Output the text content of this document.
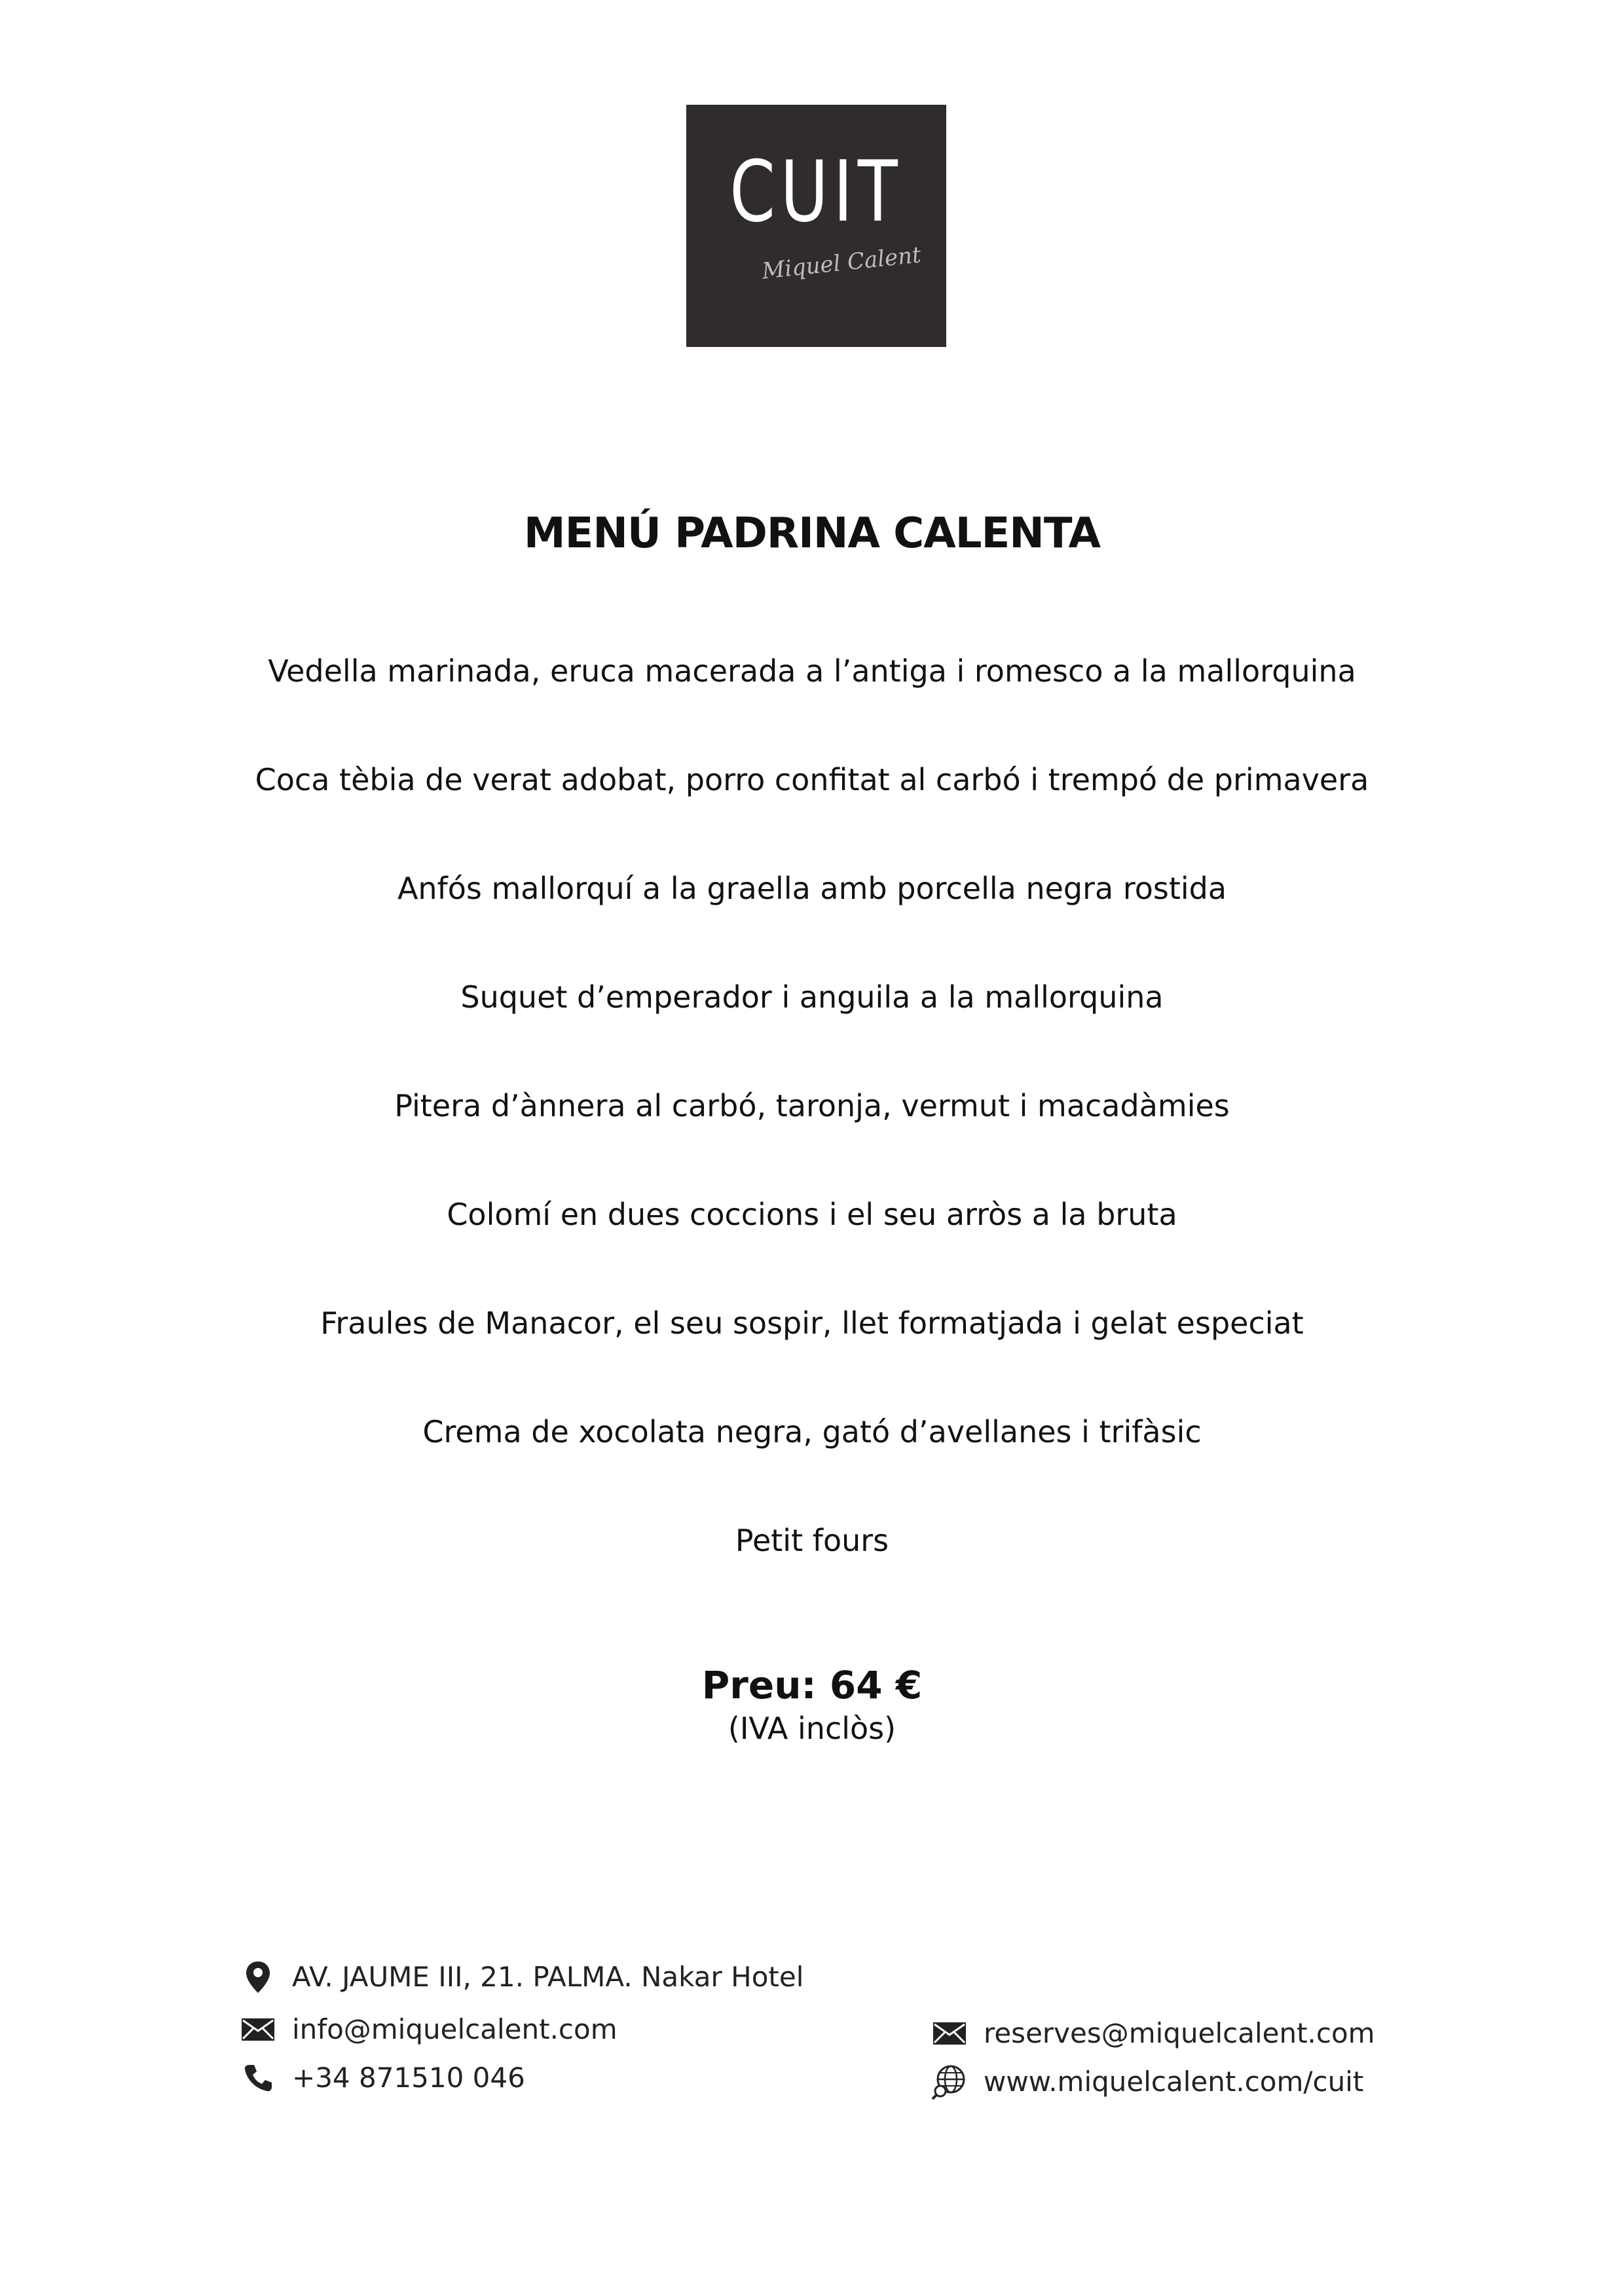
CUIT
Miquel Calent
MENÚ PADRINA CALENTA
Vedella marinada, eruca macerada a l’antiga i romesco a la mallorquina
Coca tèbia de verat adobat, porro confitat al carbó i trempó de primavera
Anfós mallorquí a la graella amb porcella negra rostida
Suquet d’emperador i anguila a la mallorquina
Pitera d’ànnera al carbó, taronja, vermut i macadàmies
Colomí en dues coccions i el seu arròs a la bruta
Fraules de Manacor, el seu sospir, llet formatjada i gelat especiat
Crema de xocolata negra, gató d’avellanes i trifàsic
Petit fours
Preu: 64 €
(IVA inclòs)
AV. JAUME III, 21. PALMA. Nakar Hotel
info@miquelcalent.com
+34 871510 046
reserves@miquelcalent.com
www.miquelcalent.com/cuit
